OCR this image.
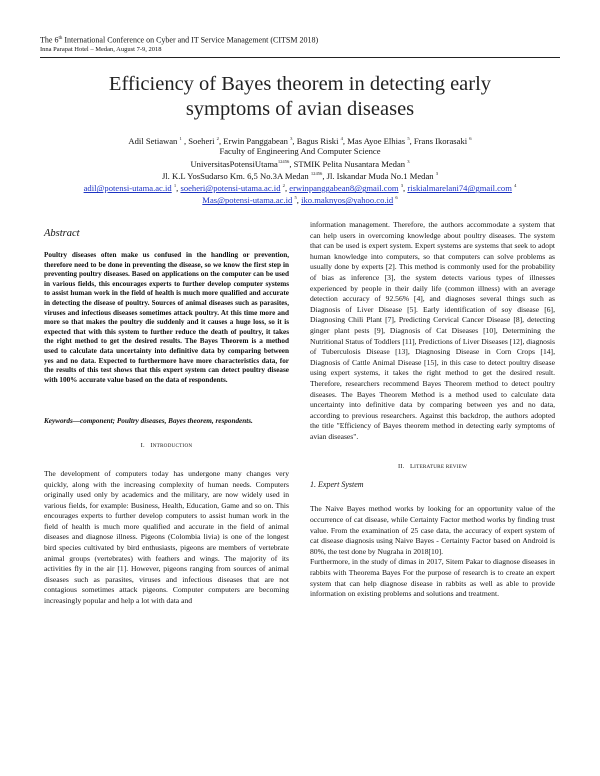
The 6th International Conference on Cyber and IT Service Management (CITSM 2018)
Inna Parapat Hotel – Medan, August 7-9, 2018
Efficiency of Bayes theorem in detecting early
symptoms of avian diseases
Adil Setiawan $^1$ , Soeheri $^2$, Erwin Panggabean $^3$, Bagus Riski $^4$, Mas Ayoe Elhias $^5$, Frans Ikorasaki $^6$
Faculty of Engineering And Computer Science
UniversitasPotensiUtama$^{12456}$, STMIK Pelita Nusantara Medan $^3$
Jl. K.L YosSudarso Km. 6,5 No.3A Medan $^{12456}$, Jl. Iskandar Muda No.1 Medan $^3$
adil@potensi-utama.ac.id $^1$, soeheri@potensi-utama.ac.id $^2$, erwinpanggabean8@gmail.com $^3$, riskialmarelani74@gmail.com $^4$
Mas@potensi-utama.ac.id $^5$, iko.maknyos@yahoo.co.id $^6$
Abstract

Poultry diseases often make us confused in the handling or prevention, therefore need to be done in preventing the disease, so we know the first step in preventing poultry diseases. Based on applications on the computer can be used in various fields, this encourages experts to further develop computer systems to assist human work in the field of health is much more qualified and accurate in detecting the disease of poultry. Sources of animal diseases such as parasites, viruses and infectious diseases sometimes attack poultry. At this time more and more so that makes the poultry die suddenly and it causes a huge loss, so it is expected that with this system to further reduce the death of poultry, it takes the right method to get the desired results. The Bayes Theorem is a method used to calculate data uncertainty into definitive data by comparing between yes and no data. Expected to furthermore have more characteristics data, for the results of this test shows that this expert system can detect poultry disease with 100% accurate value based on the data of respondents.

Keywords—component; Poultry diseases, Bayes theorem, respondents.

I. INTRODUCTION

The development of computers today has undergone many changes very quickly, along with the increasing complexity of human needs. Computers originally used only by academics and the military, are now widely used in various fields, for example: Business, Health, Education, Game and so on. This encourages experts to further develop computers to assist human work in the field of health is much more qualified and accurate in the field of animal diseases and diagnose illness. Pigeons (Colombia livia) is one of the longest bird species cultivated by bird enthusiasts, pigeons are members of vertebrate animal groups (vertebrates) with feathers and wings. The majority of its activities fly in the air [1]. However, pigeons ranging from sources of animal diseases such as parasites, viruses and infectious diseases that are not contagious sometimes attack pigeons. Computer computers are becoming increasingly popular and help a lot with data and

information management. Therefore, the authors accommodate a system that can help users in overcoming knowledge about poultry diseases. The system that can be used is expert system. Expert systems are systems that seek to adopt human knowledge into computers, so that computers can solve problems as usually done by experts [2]. This method is commonly used for the probability of bias as inference [3], the system detects various types of illnesses experienced by people in their daily life (common illness) with an average detection accuracy of 92.56% [4], and diagnoses several things such as Diagnosis of Liver Disease [5]. Early identification of soy disease [6], Diagnosing Chili Plant [7], Predicting Cervical Cancer Disease [8], detecting ginger plant pests [9], Diagnosis of Cat Diseases [10], Determining the Nutritional Status of Toddlers [11], Predictions of Liver Diseases [12], diagnosis of Tuberculosis Disease [13], Diagnosing Disease in Corn Crops [14], Diagnosis of Cattle Animal Disease [15], in this case to detect poultry disease using expert systems, it takes the right method to get the desired result. Therefore, researchers recommend Bayes Theorem method to detect poultry diseases. The Bayes Theorem Method is a method used to calculate data uncertainty into definitive data by comparing between yes and no data, according to previous researchers. Against this backdrop, the authors adopted the title "Efficiency of Bayes theorem method in detecting early symptoms of avian diseases".

II. LITERATURE REVIEW
1. Expert System

The Naive Bayes method works by looking for an opportunity value of the occurrence of cat disease, while Certainty Factor method works by finding trust value. From the examination of 25 case data, the accuracy of expert system of cat disease diagnosis using Naive Bayes - Certainty Factor based on Android is 80%, the test done by Nugraha in 2018[10].

Furthermore, in the study of dimas in 2017, Sitem Pakar to diagnose diseases in rabbits with Theorema Bayes For the purpose of research is to create an expert system that can help diagnose disease in rabbits as well as able to provide information on existing problems and solutions and treatment.
